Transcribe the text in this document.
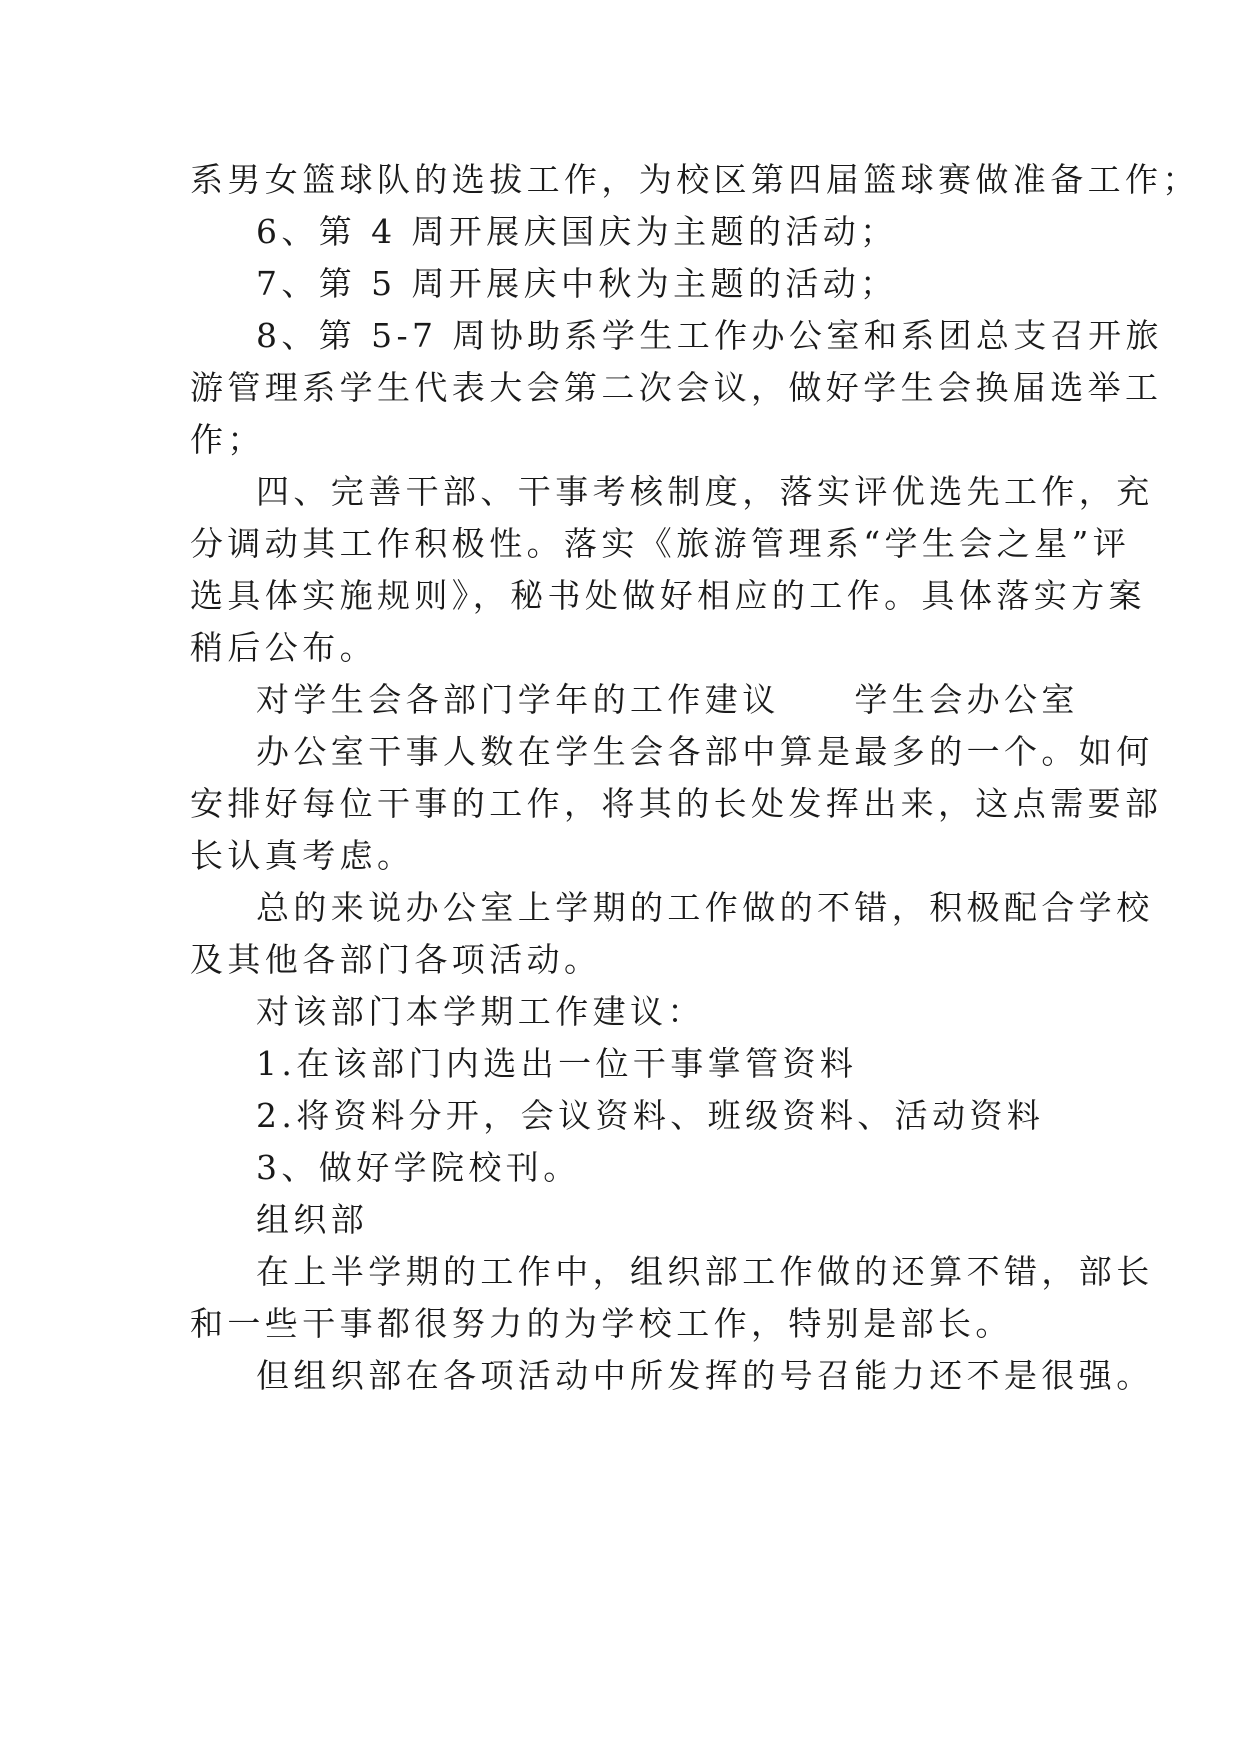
系男女篮球队的选拔工作，为校区第四届篮球赛做准备工作；
6、第 4 周开展庆国庆为主题的活动；
7、第 5 周开展庆中秋为主题的活动；
8、第 5-7 周协助系学生工作办公室和系团总支召开旅
游管理系学生代表大会第二次会议，做好学生会换届选举工
作；
四、完善干部、干事考核制度，落实评优选先工作，充
分调动其工作积极性。落实《旅游管理系“学生会之星”评
选具体实施规则》，秘书处做好相应的工作。具体落实方案
稍后公布。
对学生会各部门学年的工作建议　　学生会办公室
办公室干事人数在学生会各部中算是最多的一个。如何
安排好每位干事的工作，将其的长处发挥出来，这点需要部
长认真考虑。
总的来说办公室上学期的工作做的不错，积极配合学校
及其他各部门各项活动。
对该部门本学期工作建议：
1.在该部门内选出一位干事掌管资料
2.将资料分开，会议资料、班级资料、活动资料
3、做好学院校刊。
组织部
在上半学期的工作中，组织部工作做的还算不错，部长
和一些干事都很努力的为学校工作，特别是部长。
但组织部在各项活动中所发挥的号召能力还不是很强。
